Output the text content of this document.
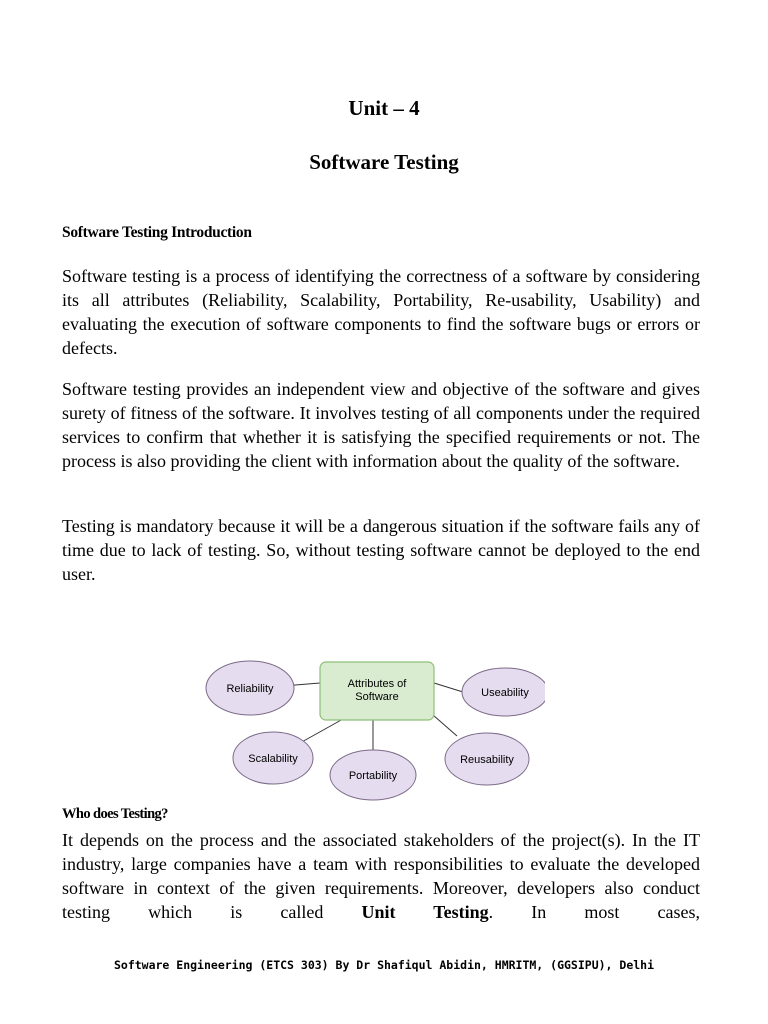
Unit – 4
Software Testing
Software Testing Introduction

Software testing is a process of identifying the correctness of a software by considering its all attributes (Reliability, Scalability, Portability, Re-usability, Usability) and evaluating the execution of software components to find the software bugs or errors or defects.

Software testing provides an independent view and objective of the software and gives surety of fitness of the software. It involves testing of all components under the required services to confirm that whether it is satisfying the specified requirements or not. The process is also providing the client with information about the quality of the software.

Testing is mandatory because it will be a dangerous situation if the software fails any of time due to lack of testing. So, without testing software cannot be deployed to the end user.

Attributes of
Software
Reliability	Useability
Scalability
Portability
Reusability
Who does Testing?

It depends on the process and the associated stakeholders of the project(s). In the IT industry, large companies have a team with responsibilities to evaluate the developed software in context of the given requirements. Moreover, developers also conduct testing which is called Unit Testing. In most cases,

Software Engineering (ETCS 303) By Dr Shafiqul Abidin, HMRITM, (GGSIPU), Delhi
